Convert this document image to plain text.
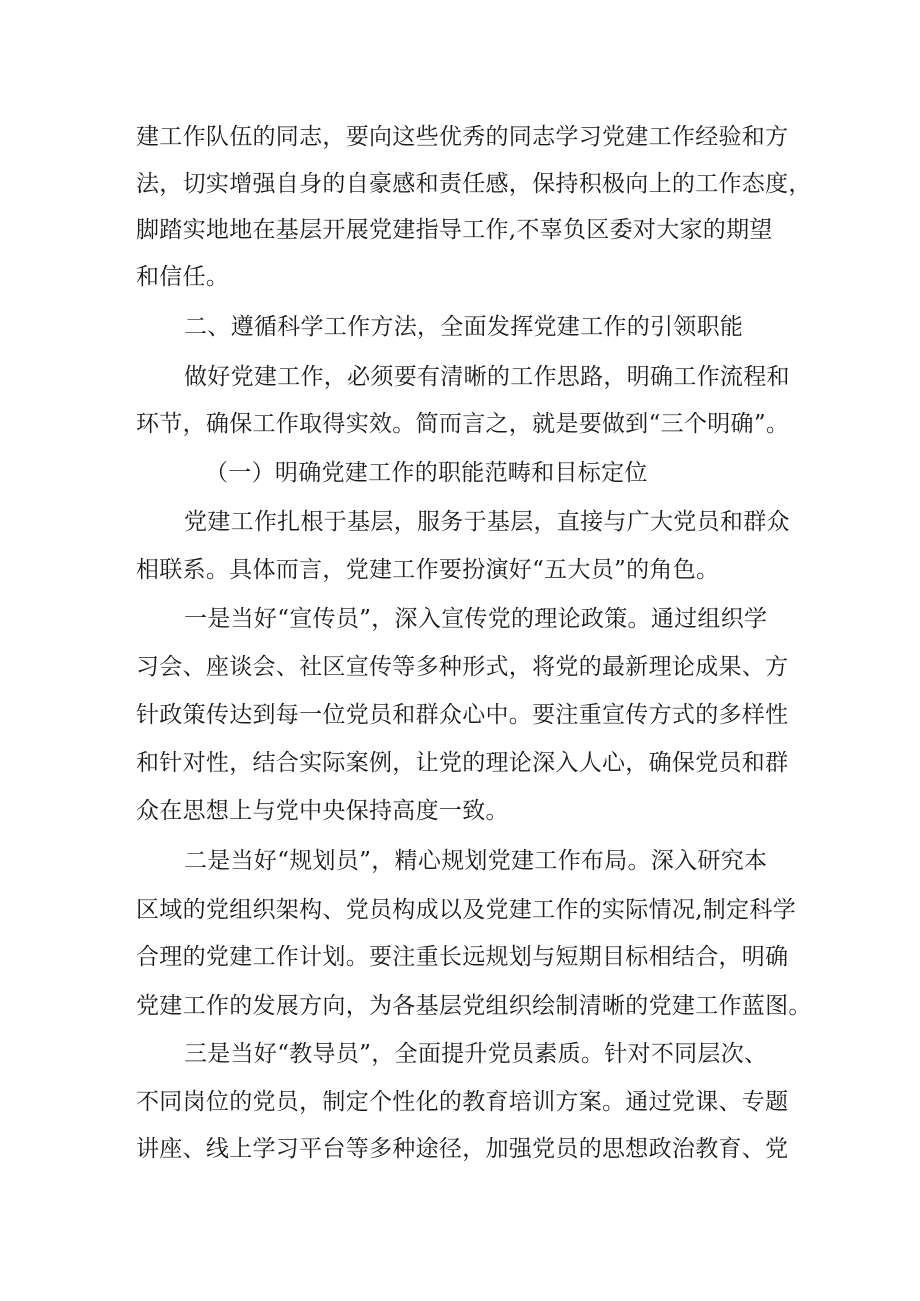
建工作队伍的同志，要向这些优秀的同志学习党建工作经验和方
法，切实增强自身的自豪感和责任感，保持积极向上的工作态度，
脚踏实地地在基层开展党建指导工作,不辜负区委对大家的期望
和信任。
二、遵循科学工作方法，全面发挥党建工作的引领职能
做好党建工作，必须要有清晰的工作思路，明确工作流程和
环节，确保工作取得实效。简而言之，就是要做到“三个明确”。
（一）明确党建工作的职能范畴和目标定位
党建工作扎根于基层，服务于基层，直接与广大党员和群众
相联系。具体而言，党建工作要扮演好“五大员”的角色。
一是当好“宣传员”，深入宣传党的理论政策。通过组织学
习会、座谈会、社区宣传等多种形式，将党的最新理论成果、方
针政策传达到每一位党员和群众心中。要注重宣传方式的多样性
和针对性，结合实际案例，让党的理论深入人心，确保党员和群
众在思想上与党中央保持高度一致。
二是当好“规划员”，精心规划党建工作布局。深入研究本
区域的党组织架构、党员构成以及党建工作的实际情况,制定科学
合理的党建工作计划。要注重长远规划与短期目标相结合，明确
党建工作的发展方向，为各基层党组织绘制清晰的党建工作蓝图。
三是当好“教导员”，全面提升党员素质。针对不同层次、
不同岗位的党员，制定个性化的教育培训方案。通过党课、专题
讲座、线上学习平台等多种途径，加强党员的思想政治教育、党
